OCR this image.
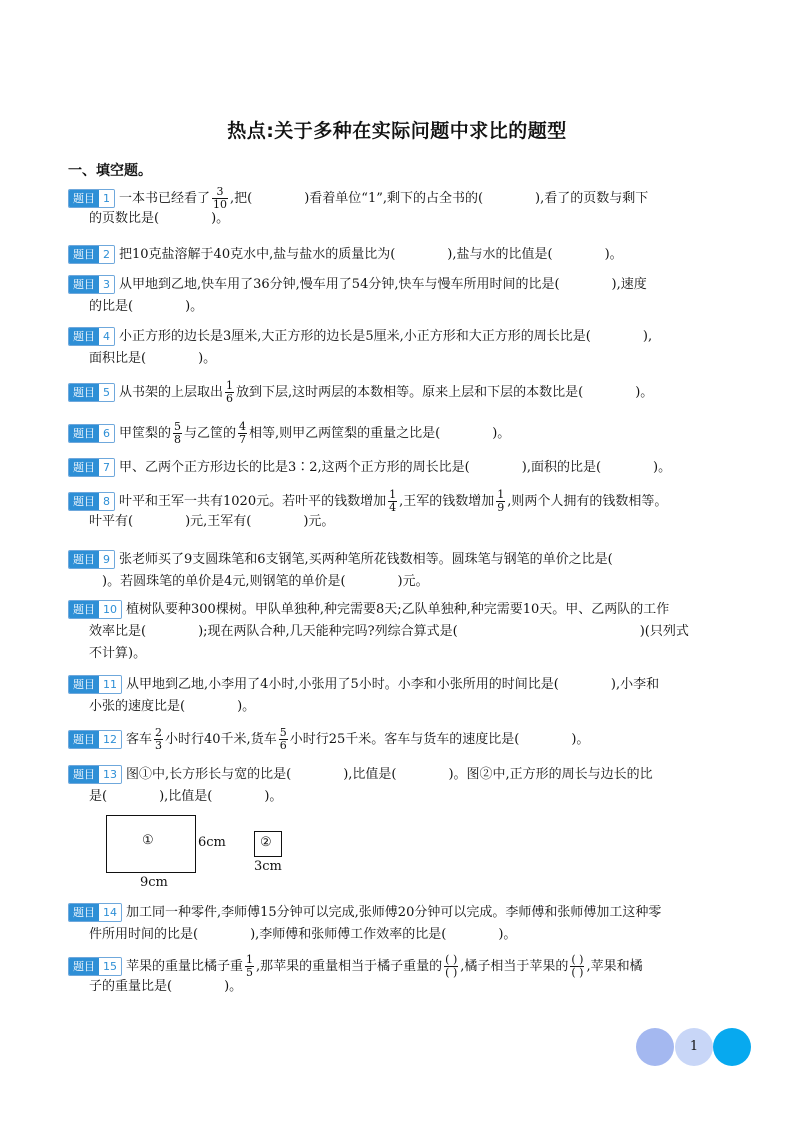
热点:关于多种在实际问题中求比的题型
一、填空题。
题目 1 一本书已经看了 $\frac{3}{10}$ ,把(　　　　)看着单位“1”,剩下的占全书的(　　　　),看了的页数与剩下
的页数比是(　　　　)。
题目 2 把10克盐溶解于40克水中,盐与盐水的质量比为(　　　　),盐与水的比值是(　　　　)。
题目 3 从甲地到乙地,快车用了36分钟,慢车用了54分钟,快车与慢车所用时间的比是(　　　　),速度
的比是(　　　　)。
题目 4 小正方形的边长是3厘米,大正方形的边长是5厘米,小正方形和大正方形的周长比是(　　　　),
面积比是(　　　　)。
题目 5 从书架的上层取出 $\frac{1}{6}$ 放到下层,这时两层的本数相等。原来上层和下层的本数比是(　　　　)。
题目 6 甲筐梨的 $\frac{5}{8}$ 与乙筐的 $\frac{4}{7}$ 相等,则甲乙两筐梨的重量之比是(　　　　)。
题目 7 甲、乙两个正方形边长的比是3∶2,这两个正方形的周长比是(　　　　),面积的比是(　　　　)。
题目 8 叶平和王军一共有1020元。若叶平的钱数增加 $\frac{1}{4}$ ,王军的钱数增加 $\frac{1}{9}$ ,则两个人拥有的钱数相等。
叶平有(　　　　)元,王军有(　　　　)元。
题目 9 张老师买了9支圆珠笔和6支钢笔,买两种笔所花钱数相等。圆珠笔与钢笔的单价之比是(
　)。若圆珠笔的单价是4元,则钢笔的单价是(　　　　)元。
题目 10 植树队要种300棵树。甲队单独种,种完需要8天;乙队单独种,种完需要10天。甲、乙两队的工作
效率比是(　　　　);现在两队合种,几天能种完吗?列综合算式是(　　　　　　　　　　　　　　)(只列式
不计算)。
题目 11 从甲地到乙地,小李用了4小时,小张用了5小时。小李和小张所用的时间比是(　　　　),小李和
小张的速度比是(　　　　)。
题目 12 客车 $\frac{2}{3}$ 小时行40千米,货车 $\frac{5}{6}$ 小时行25千米。客车与货车的速度比是(　　　　)。
题目 13 图①中,长方形长与宽的比是(　　　　),比值是(　　　　)。图②中,正方形的周长与边长的比
是(　　　　),比值是(　　　　)。
题目 14 加工同一种零件,李师傅15分钟可以完成,张师傅20分钟可以完成。李师傅和张师傅加工这种零
件所用时间的比是(　　　　),李师傅和张师傅工作效率的比是(　　　　)。
题目 15 苹果的重量比橘子重 $\frac{1}{5}$ ,那苹果的重量相当于橘子重量的 $\frac{( )}{( )}$ ,橘子相当于苹果的 $\frac{( )}{( )}$ ,苹果和橘
子的重量比是(　　　　)。
①	6cm
9cm
②
3cm
1
